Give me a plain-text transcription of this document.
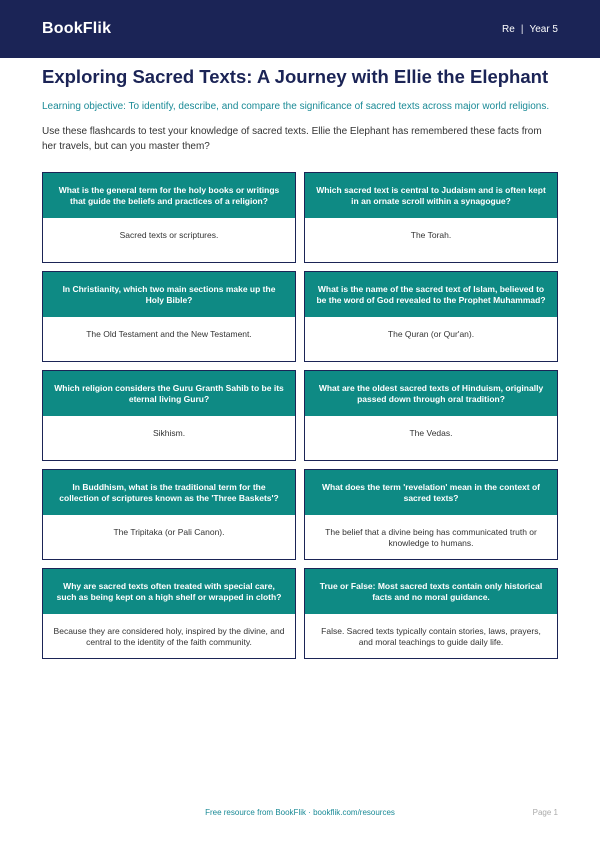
BookFlik	Re | Year 5
Exploring Sacred Texts: A Journey with Ellie the Elephant

Learning objective: To identify, describe, and compare the significance of sacred texts across major world religions.

Use these flashcards to test your knowledge of sacred texts. Ellie the Elephant has remembered these facts from her travels, but can you master them?

What is the general term for the holy books or writings that guide the beliefs and practices of a religion?
Sacred texts or scriptures.
Which sacred text is central to Judaism and is often kept in an ornate scroll within a synagogue?
The Torah.
In Christianity, which two main sections make up the Holy Bible?
The Old Testament and the New Testament.
What is the name of the sacred text of Islam, believed to be the word of God revealed to the Prophet Muhammad?
The Quran (or Qur'an).
Which religion considers the Guru Granth Sahib to be its eternal living Guru?
Sikhism.
What are the oldest sacred texts of Hinduism, originally passed down through oral tradition?
The Vedas.
In Buddhism, what is the traditional term for the collection of scriptures known as the 'Three Baskets'?
The Tripitaka (or Pali Canon).
What does the term 'revelation' mean in the context of sacred texts?
The belief that a divine being has communicated truth or knowledge to humans.
Why are sacred texts often treated with special care, such as being kept on a high shelf or wrapped in cloth?
Because they are considered holy, inspired by the divine, and central to the identity of the faith community.
True or False: Most sacred texts contain only historical facts and no moral guidance.
False. Sacred texts typically contain stories, laws, prayers, and moral teachings to guide daily life.
Free resource from BookFlik · bookflik.com/resources	Page 1
